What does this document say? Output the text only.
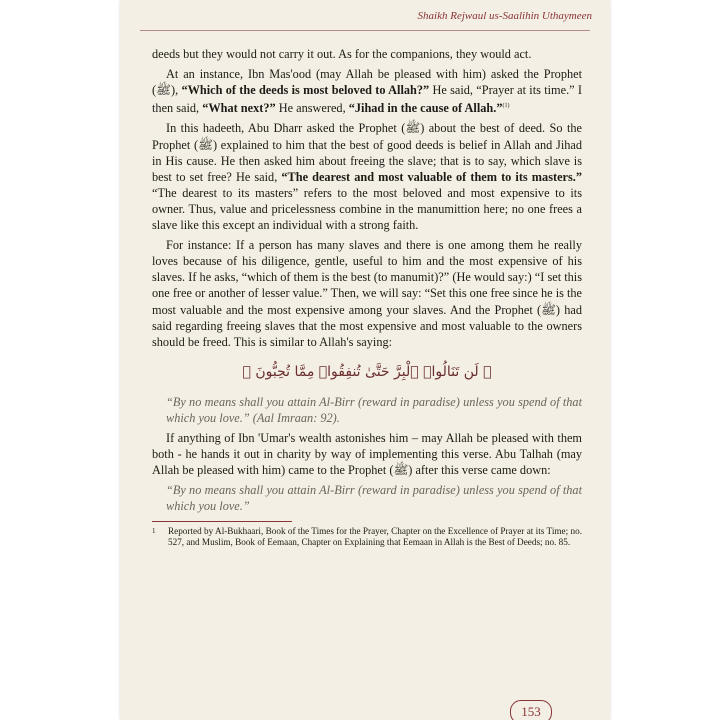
Shaikh Rejwaul us-Saalihin Uthaymeen

deeds but they would not carry it out. As for the companions, they would act.

At an instance, Ibn Mas'ood (may Allah be pleased with him) asked the Prophet (ﷺ), “Which of the deeds is most beloved to Allah?” He said, “Prayer at its time.” I then said, “What next?” He answered, “Jihad in the cause of Allah.”$^{(1)}$

In this hadeeth, Abu Dharr asked the Prophet (ﷺ) about the best of deed. So the Prophet (ﷺ) explained to him that the best of good deeds is belief in Allah and Jihad in His cause. He then asked him about freeing the slave; that is to say, which slave is best to set free? He said, “The dearest and most valuable of them to its masters.” “The dearest to its masters” refers to the most beloved and most expensive to its owner. Thus, value and pricelessness combine in the manumittion here; no one frees a slave like this except an individual with a strong faith.

For instance: If a person has many slaves and there is one among them he really loves because of his diligence, gentle, useful to him and the most expensive of his slaves. If he asks, “which of them is the best (to manumit)?” (He would say:) “I set this one free or another of lesser value.” Then, we will say: “Set this one free since he is the most valuable and the most expensive among your slaves. And the Prophet (ﷺ) had said regarding freeing slaves that the most expensive and most valuable to the owners should be freed. This is similar to Allah's saying:

﴿ لَن تَنَالُوا۟ ٱلْبِرَّ حَتَّىٰ تُنفِقُوا۟ مِمَّا تُحِبُّونَ ﴾

“By no means shall you attain Al-Birr (reward in paradise) unless you spend of that which you love.” (Aal Imraan: 92).

If anything of Ibn 'Umar's wealth astonishes him – may Allah be pleased with them both - he hands it out in charity by way of implementing this verse. Abu Talhah (may Allah be pleased with him) came to the Prophet (ﷺ) after this verse came down:

“By no means shall you attain Al-Birr (reward in paradise) unless you spend of that which you love.”

1 Reported by Al-Bukhaari, Book of the Times for the Prayer, Chapter on the Excellence of Prayer at its Time; no. 527, and Muslim, Book of Eemaan, Chapter on Explaining that Eemaan in Allah is the Best of Deeds; no. 85.
153
